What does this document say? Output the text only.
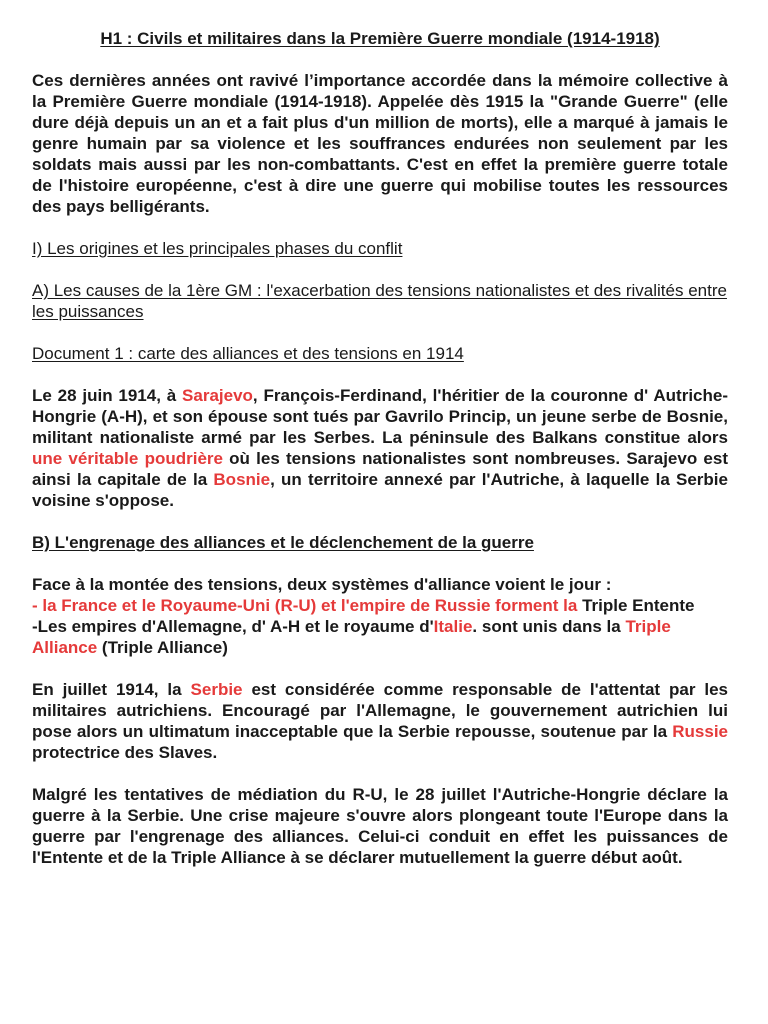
H1 : Civils et militaires dans la Première Guerre mondiale (1914-1918)

Ces dernières années ont ravivé l’importance accordée dans la mémoire collective à la Première Guerre mondiale (1914-1918). Appelée dès 1915 la "Grande Guerre" (elle dure déjà depuis un an et a fait plus d'un million de morts), elle a marqué à jamais le genre humain par sa violence et les souffrances endurées non seulement par les soldats mais aussi par les non-combattants. C'est en effet la première guerre totale de l'histoire européenne, c'est à dire une guerre qui mobilise toutes les ressources des pays belligérants.

I) Les origines et les principales phases du conflit
A) Les causes de la 1ère GM : l'exacerbation des tensions nationalistes et des rivalités entre les puissances
Document 1 : carte des alliances et des tensions en 1914

Le 28 juin 1914, à Sarajevo, François-Ferdinand, l'héritier de la couronne d' Autriche-Hongrie (A-H), et son épouse sont tués par Gavrilo Princip, un jeune serbe de Bosnie, militant nationaliste armé par les Serbes. La péninsule des Balkans constitue alors une véritable poudrière où les tensions nationalistes sont nombreuses. Sarajevo est ainsi la capitale de la Bosnie, un territoire annexé par l'Autriche, à laquelle la Serbie voisine s'oppose.

B) L'engrenage des alliances et le déclenchement de la guerre
Face à la montée des tensions, deux systèmes d'alliance voient le jour :
- la France et le Royaume-Uni (R-U) et l'empire de Russie forment la Triple Entente
-Les empires d'Allemagne, d' A-H et le royaume d'Italie. sont unis dans la Triple Alliance (Triple Alliance)

En juillet 1914, la Serbie est considérée comme responsable de l'attentat par les militaires autrichiens. Encouragé par l'Allemagne, le gouvernement autrichien lui pose alors un ultimatum inacceptable que la Serbie repousse, soutenue par la Russie protectrice des Slaves.

Malgré les tentatives de médiation du R-U, le 28 juillet l'Autriche-Hongrie déclare la guerre à la Serbie. Une crise majeure s'ouvre alors plongeant toute l'Europe dans la guerre par l'engrenage des alliances. Celui-ci conduit en effet les puissances de l'Entente et de la Triple Alliance à se déclarer mutuellement la guerre début août.
